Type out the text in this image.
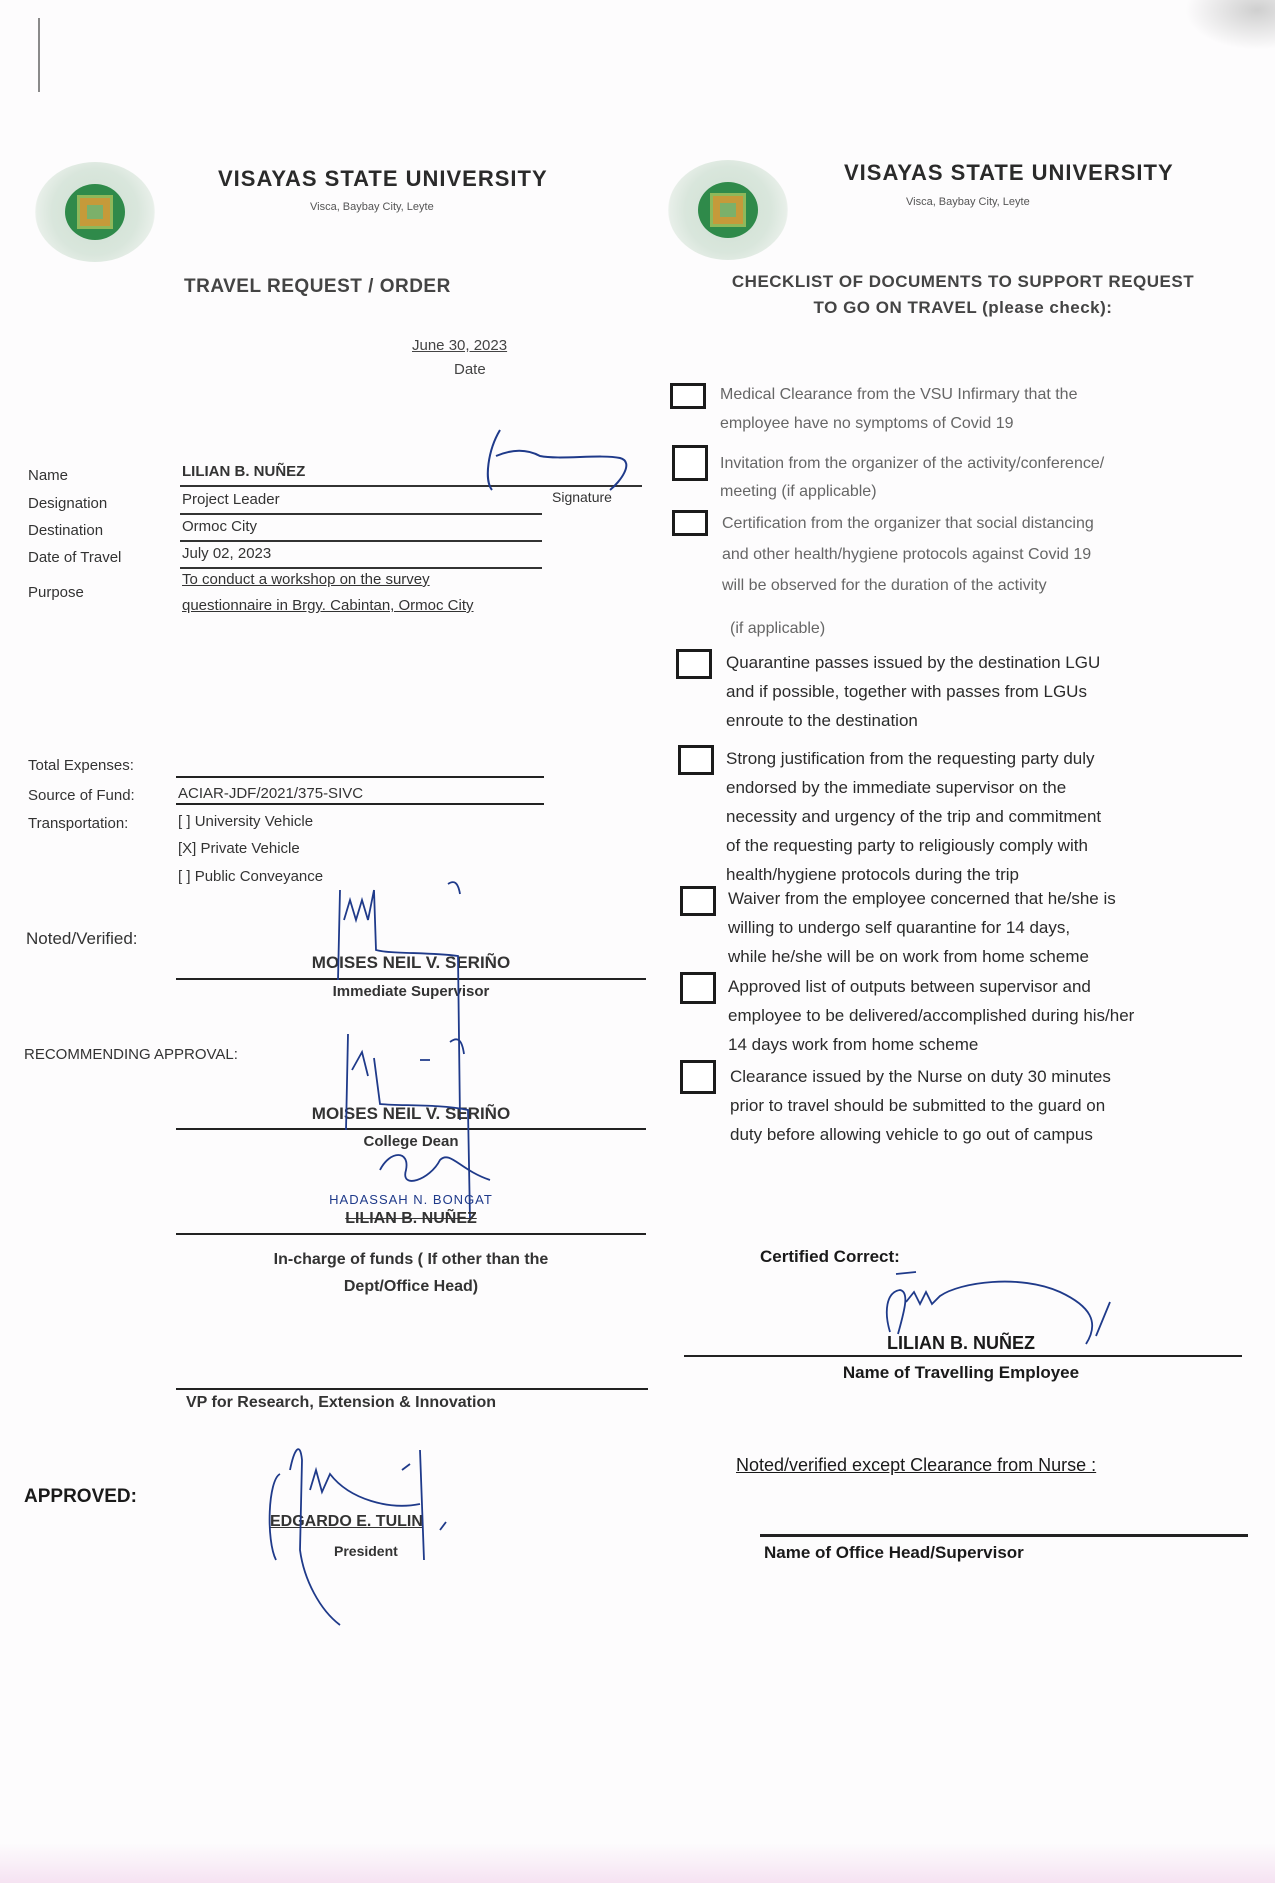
VISAYAS STATE UNIVERSITY
Visca, Baybay City, Leyte
TRAVEL REQUEST / ORDER
June 30, 2023
Date
Name	LILIAN B. NUÑEZ
Signature
Designation	Project Leader
Destination	Ormoc City
Date of Travel	July 02, 2023
Purpose
To conduct a workshop on the survey
questionnaire in Brgy. Cabintan, Ormoc City
Total Expenses:
Source of Fund:	ACIAR-JDF/2021/375-SIVC
Transportation:	[ ] University Vehicle
[X] Private Vehicle
[ ] Public Conveyance
Noted/Verified:
MOISES NEIL V. SERIÑO
Immediate Supervisor
RECOMMENDING APPROVAL:
MOISES NEIL V. SERIÑO
College Dean
HADASSAH N. BONGAT
LILIAN B. NUÑEZ
In-charge of funds ( If other than the
Dept/Office Head)
VP for Research, Extension & Innovation
APPROVED:
EDGARDO E. TULIN
President
VISAYAS STATE UNIVERSITY
Visca, Baybay City, Leyte
CHECKLIST OF DOCUMENTS TO SUPPORT REQUEST
TO GO ON TRAVEL (please check):
Medical Clearance from the VSU Infirmary that the
employee have no symptoms of Covid 19
Invitation from the organizer of the activity/conference/
meeting (if applicable)
Certification from the organizer that social distancing
and other health/hygiene protocols against Covid 19
will be observed for the duration of the activity
(if applicable)
Quarantine passes issued by the destination LGU
and if possible, together with passes from LGUs
enroute to the destination
Strong justification from the requesting party duly
endorsed by the immediate supervisor on the
necessity and urgency of the trip and commitment
of the requesting party to religiously comply with
health/hygiene protocols during the trip
Waiver from the employee concerned that he/she is
willing to undergo self quarantine for 14 days,
while he/she will be on work from home scheme
Approved list of outputs between supervisor and
employee to be delivered/accomplished during his/her
14 days work from home scheme
Clearance issued by the Nurse on duty 30 minutes
prior to travel should be submitted to the guard on
duty before allowing vehicle to go out of campus
Certified Correct:
LILIAN B. NUÑEZ
Name of Travelling Employee
Noted/verified except Clearance from Nurse :
Name of Office Head/Supervisor
